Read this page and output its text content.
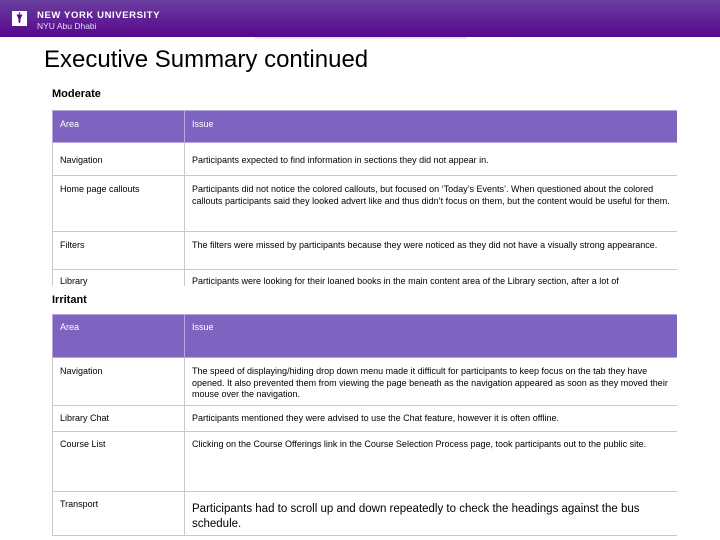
NEW YORK UNIVERSITY
NYU Abu Dhabi
Executive Summary continued
Moderate
Area	Issue
Navigation	Participants expected to find information in sections they did not appear in.
Home page callouts	Participants did not notice the colored callouts, but focused on ‘Today’s Events’. When questioned about the colored callouts participants said they looked advert like and thus didn’t focus on them, but the content would be useful for them.
Filters	The filters were missed by participants because they were noticed as they did not have a visually strong appearance.
Library	Participants were looking for their loaned books in the main content area of the Library section, after a lot of
Irritant
Area	Issue
Navigation	The speed of displaying/hiding drop down menu made it difficult for participants to keep focus on the tab they have opened. It also prevented them from viewing the page beneath as the navigation appeared as soon as they moved their mouse over the navigation.
Library Chat	Participants mentioned they were advised to use the Chat feature, however it is often offline.
Course List	Clicking on the Course Offerings link in the Course Selection Process page, took participants out to the public site.
Transport	Participants had to scroll up and down repeatedly to check the headings against the bus schedule.
